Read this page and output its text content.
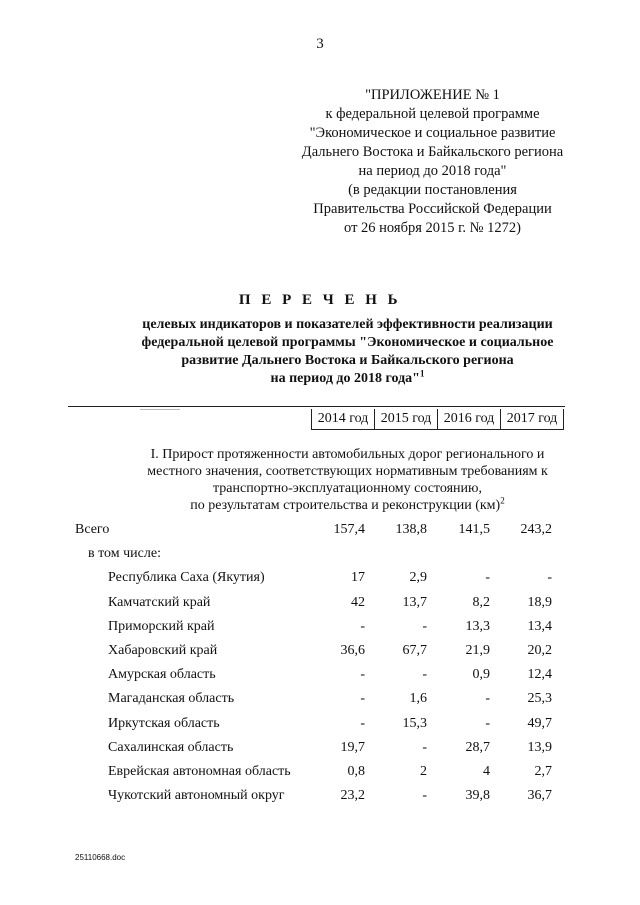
3
"ПРИЛОЖЕНИЕ № 1
к федеральной целевой программе
"Экономическое и социальное развитие
Дальнего Востока и Байкальского региона
на период до 2018 года"
(в редакции постановления
Правительства Российской Федерации
от 26 ноября 2015 г. № 1272)
П Е Р Е Ч Е Н Ь
целевых индикаторов и показателей эффективности реализации
федеральной целевой программы "Экономическое и социальное
развитие Дальнего Востока и Байкальского региона
на период до 2018 года"$^1$
2014 год 2015 год 2016 год 2017 год
I. Прирост протяженности автомобильных дорог регионального и
местного значения, соответствующих нормативным требованиям к
транспортно-эксплуатационному состоянию,
по результатам строительства и реконструкции (км)$^2$
Всего	157,4	138,8	141,5	243,2
в том числе:
Республика Саха (Якутия)	17	2,9	-	-
Камчатский край	42	13,7	8,2	18,9
Приморский край	-	-	13,3	13,4
Хабаровский край	36,6	67,7	21,9	20,2
Амурская область	-	-	0,9	12,4
Магаданская область	-	1,6	-	25,3
Иркутская область	-	15,3	-	49,7
Сахалинская область	19,7	-	28,7	13,9
Еврейская автономная область	0,8	2	4	2,7
Чукотский автономный округ	23,2	-	39,8	36,7
25110668.doc
